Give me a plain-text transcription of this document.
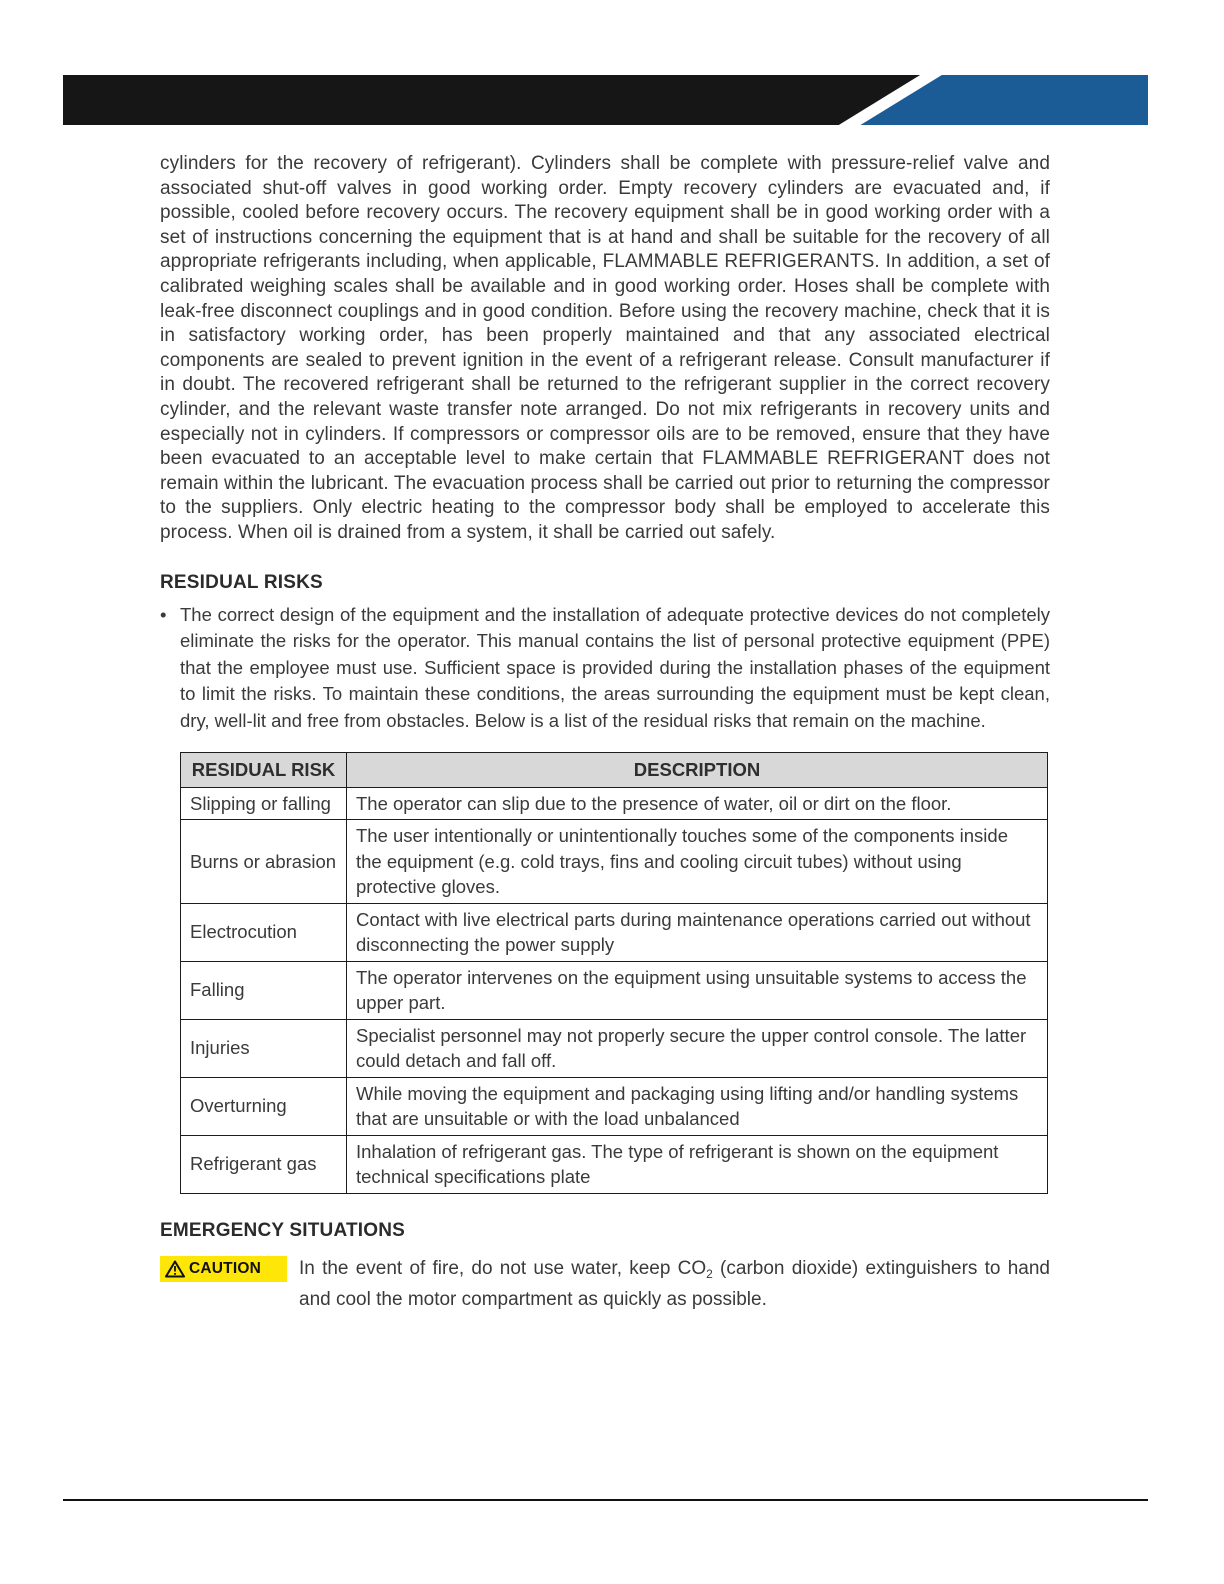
cylinders for the recovery of refrigerant). Cylinders shall be complete with pressure-relief valve and associated shut-off valves in good working order. Empty recovery cylinders are evacuated and, if possible, cooled before recovery occurs. The recovery equipment shall be in good working order with a set of instructions concerning the equipment that is at hand and shall be suitable for the recovery of all appropriate refrigerants including, when applicable, FLAMMABLE REFRIGERANTS. In addition, a set of calibrated weighing scales shall be available and in good working order. Hoses shall be complete with leak-free disconnect couplings and in good condition. Before using the recovery machine, check that it is in satisfactory working order, has been properly maintained and that any associated electrical components are sealed to prevent ignition in the event of a refrigerant release. Consult manufacturer if in doubt. The recovered refrigerant shall be returned to the refrigerant supplier in the correct recovery cylinder, and the relevant waste transfer note arranged. Do not mix refrigerants in recovery units and especially not in cylinders. If compressors or compressor oils are to be removed, ensure that they have been evacuated to an acceptable level to make certain that FLAMMABLE REFRIGERANT does not remain within the lubricant. The evacuation process shall be carried out prior to returning the compressor to the suppliers. Only electric heating to the compressor body shall be employed to accelerate this process. When oil is drained from a system, it shall be carried out safely.

RESIDUAL RISKS
•
The correct design of the equipment and the installation of adequate protective devices do not completely eliminate the risks for the operator. This manual contains the list of personal protective equipment (PPE) that the employee must use. Sufficient space is provided during the installation phases of the equipment to limit the risks. To maintain these conditions, the areas surrounding the equipment must be kept clean, dry, well-lit and free from obstacles. Below is a list of the residual risks that remain on the machine.
RESIDUAL RISK	DESCRIPTION
Slipping or falling	The operator can slip due to the presence of water, oil or dirt on the floor.
Burns or abrasion	The user intentionally or unintentionally touches some of the components inside the equipment (e.g. cold trays, fins and cooling circuit tubes) without using protective gloves.
Electrocution	Contact with live electrical parts during maintenance operations carried out without disconnecting the power supply
Falling	The operator intervenes on the equipment using unsuitable systems to access the upper part.
Injuries	Specialist personnel may not properly secure the upper control console. The latter could detach and fall off.
Overturning	While moving the equipment and packaging using lifting and/or handling systems that are unsuitable or with the load unbalanced
Refrigerant gas	Inhalation of refrigerant gas. The type of refrigerant is shown on the equipment technical specifications plate
EMERGENCY SITUATIONS
CAUTION In the event of fire, do not use water, keep $CO_2$ (carbon dioxide) extinguishers to hand and cool the motor compartment as quickly as possible.
